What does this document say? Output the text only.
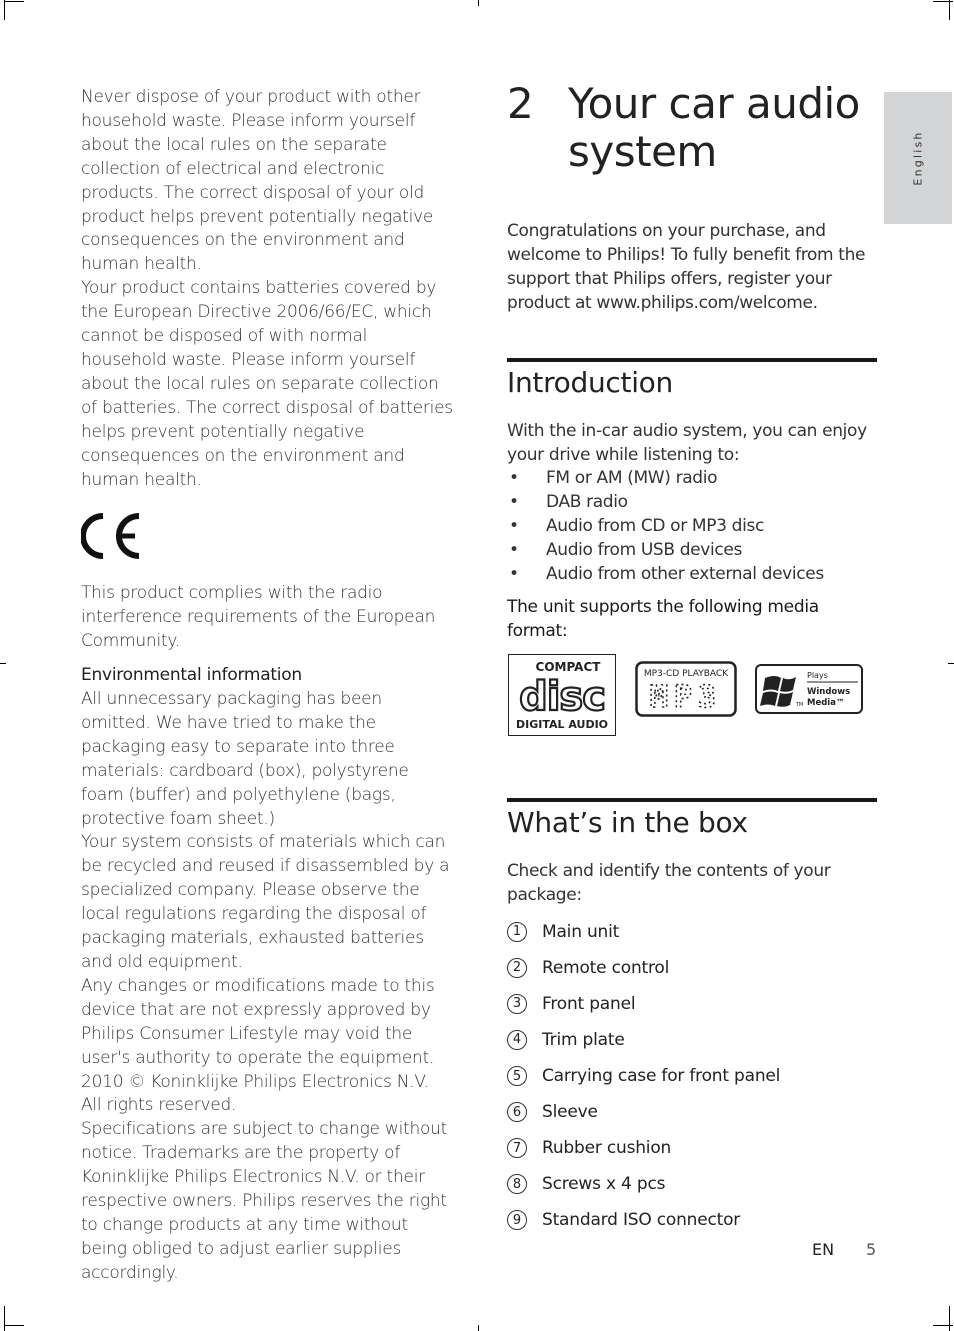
Never dispose of your product with other household waste. Please inform yourself about the local rules on the separate collection of electrical and electronic products. The correct disposal of your old product helps prevent potentially negative consequences on the environment and human health.

Your product contains batteries covered by the European Directive 2006/66/EC, which cannot be disposed of with normal household waste. Please inform yourself about the local rules on separate collection of batteries. The correct disposal of batteries helps prevent potentially negative consequences on the environment and human health.

This product complies with the radio interference requirements of the European Community.

Environmental information

All unnecessary packaging has been omitted. We have tried to make the packaging easy to separate into three materials: cardboard (box), polystyrene foam (buffer) and polyethylene (bags, protective foam sheet.)

Your system consists of materials which can be recycled and reused if disassembled by a specialized company. Please observe the local regulations regarding the disposal of packaging materials, exhausted batteries and old equipment.

Any changes or modifications made to this device that are not expressly approved by Philips Consumer Lifestyle may void the user's authority to operate the equipment.

2010 © Koninklijke Philips Electronics N.V.

All rights reserved.

Specifications are subject to change without notice. Trademarks are the property of Koninklijke Philips Electronics N.V. or their respective owners. Philips reserves the right to change products at any time without being obliged to adjust earlier supplies accordingly.

2 Your car audio system
Congratulations on your purchase, and welcome to Philips! To fully benefit from the support that Philips offers, register your product at www.philips.com/welcome.
Introduction
With the in-car audio system, you can enjoy your drive while listening to:
•	FM or AM (MW) radio
•	DAB radio
•	Audio from CD or MP3 disc
•	Audio from USB devices
•	Audio from other external devices
The unit supports the following media format:
COMPACT
disc
DIGITAL AUDIO
MP3-CD PLAYBACK
MP3	TM
Plays
Windows
Media™
What’s in the box
Check and identify the contents of your package:
1	Main unit
2	Remote control
3	Front panel
4	Trim plate
5	Carrying case for front panel
6	Sleeve
7	Rubber cushion
8	Screws x 4 pcs
9	Standard ISO connector
English
EN 5
